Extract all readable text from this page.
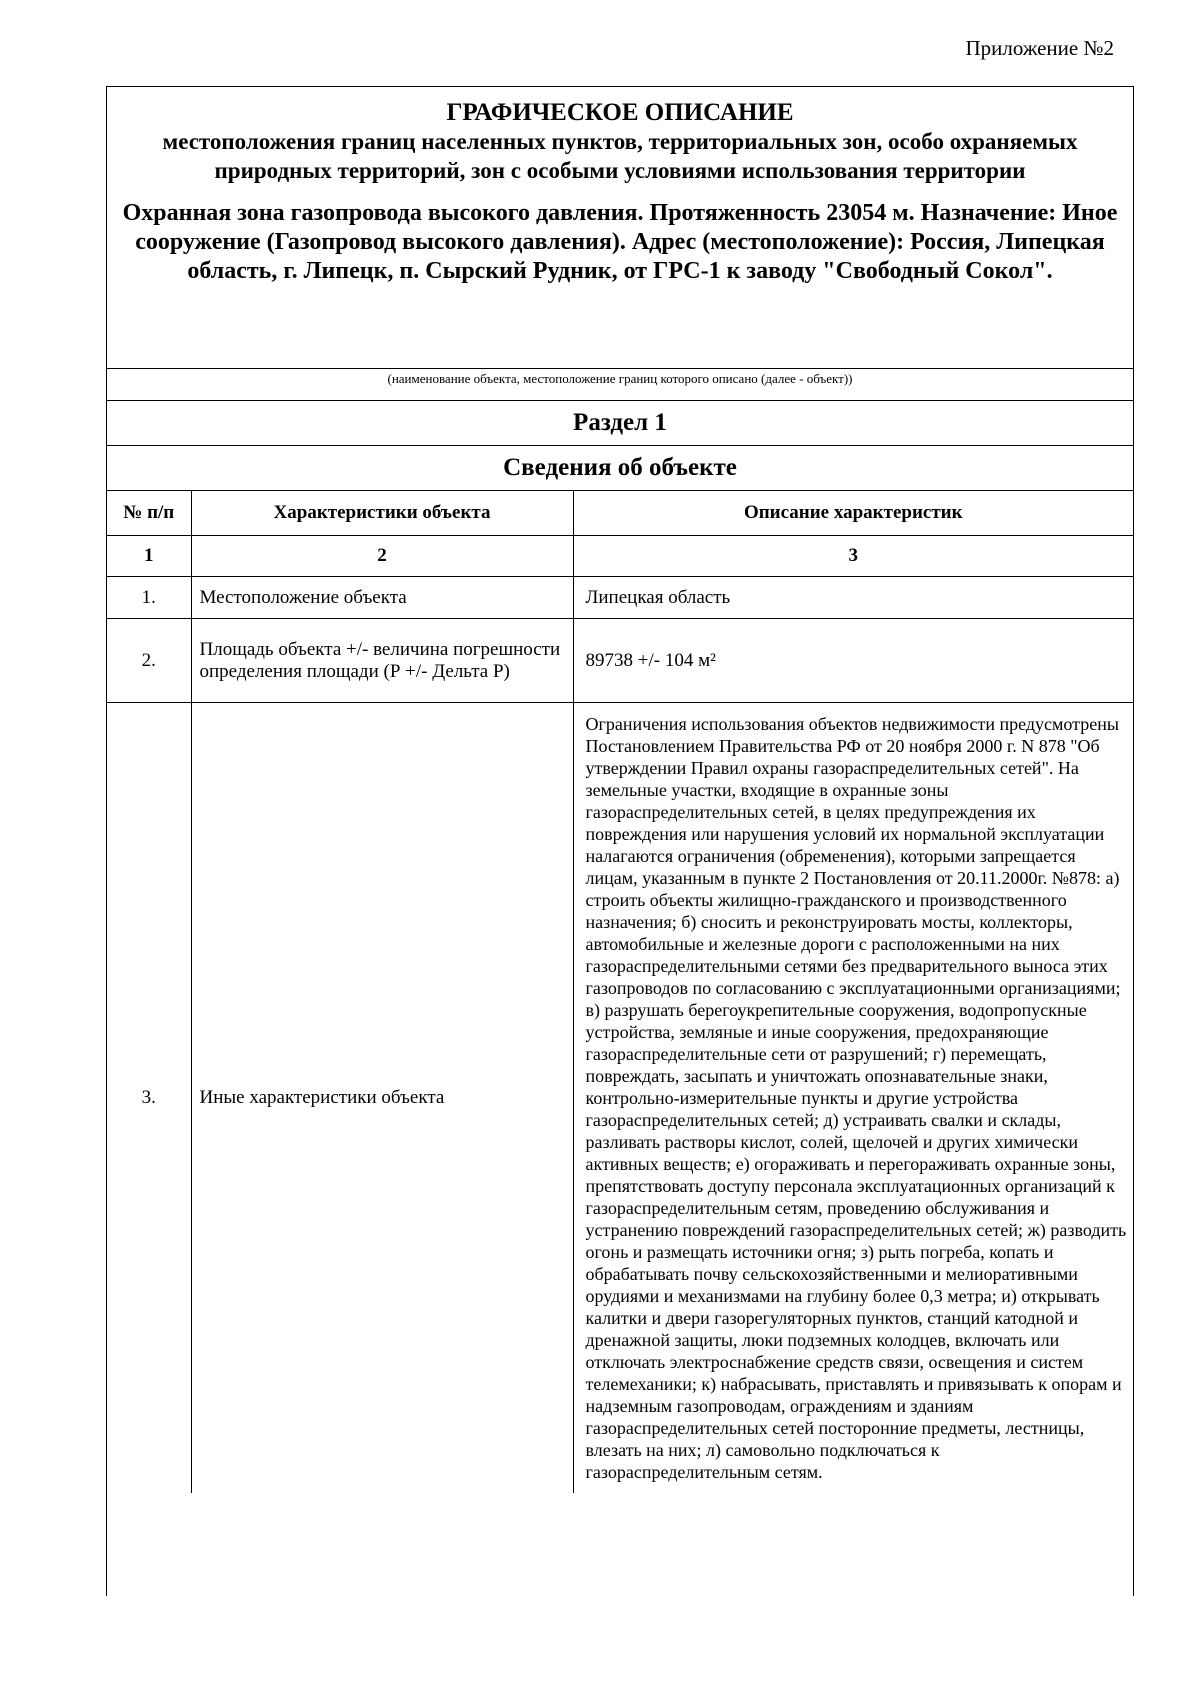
Приложение №2
ГРАФИЧЕСКОЕ ОПИСАНИЕ
местоположения границ населенных пунктов, территориальных зон, особо охраняемых природных территорий, зон с особыми условиями использования территории
Охранная зона газопровода высокого давления. Протяженность 23054 м. Назначение: Иное сооружение (Газопровод высокого давления). Адрес (местоположение): Россия, Липецкая область, г. Липецк, п. Сырский Рудник, от ГРС-1 к заводу "Свободный Сокол".
(наименование объекта, местоположение границ которого описано (далее - объект))
Раздел 1
Сведения об объекте
№ п/п	Характеристики объекта	Описание характеристик
1	2	3
1.	Местоположение объекта	Липецкая область
2.	Площадь объекта +/- величина погрешности определения площади (Р +/- Дельта Р)	89738 +/- 104 м²
3.	Иные характеристики объекта	Ограничения использования объектов недвижимости предусмотрены Постановлением Правительства РФ от 20 ноября 2000 г. N 878 "Об утверждении Правил охраны газораспределительных сетей". На земельные участки, входящие в охранные зоны газораспределительных сетей, в целях предупреждения их повреждения или нарушения условий их нормальной эксплуатации налагаются ограничения (обременения), которыми запрещается лицам, указанным в пункте 2 Постановления от 20.11.2000г. №878: а) строить объекты жилищно-гражданского и производственного назначения; б) сносить и реконструировать мосты, коллекторы, автомобильные и железные дороги с расположенными на них газораспределительными сетями без предварительного выноса этих газопроводов по согласованию с эксплуатационными организациями; в) разрушать берегоукрепительные сооружения, водопропускные устройства, земляные и иные сооружения, предохраняющие газораспределительные сети от разрушений; г) перемещать, повреждать, засыпать и уничтожать опознавательные знаки, контрольно-измерительные пункты и другие устройства газораспределительных сетей; д) устраивать свалки и склады, разливать растворы кислот, солей, щелочей и других химически активных веществ; е) огораживать и перегораживать охранные зоны, препятствовать доступу персонала эксплуатационных организаций к газораспределительным сетям, проведению обслуживания и устранению повреждений газораспределительных сетей; ж) разводить огонь и размещать источники огня; з) рыть погреба, копать и обрабатывать почву сельскохозяйственными и мелиоративными орудиями и механизмами на глубину более 0,3 метра; и) открывать калитки и двери газорегуляторных пунктов, станций катодной и дренажной защиты, люки подземных колодцев, включать или отключать электроснабжение средств связи, освещения и систем телемеханики; к) набрасывать, приставлять и привязывать к опорам и надземным газопроводам, ограждениям и зданиям газораспределительных сетей посторонние предметы, лестницы, влезать на них; л) самовольно подключаться к газораспределительным сетям.
